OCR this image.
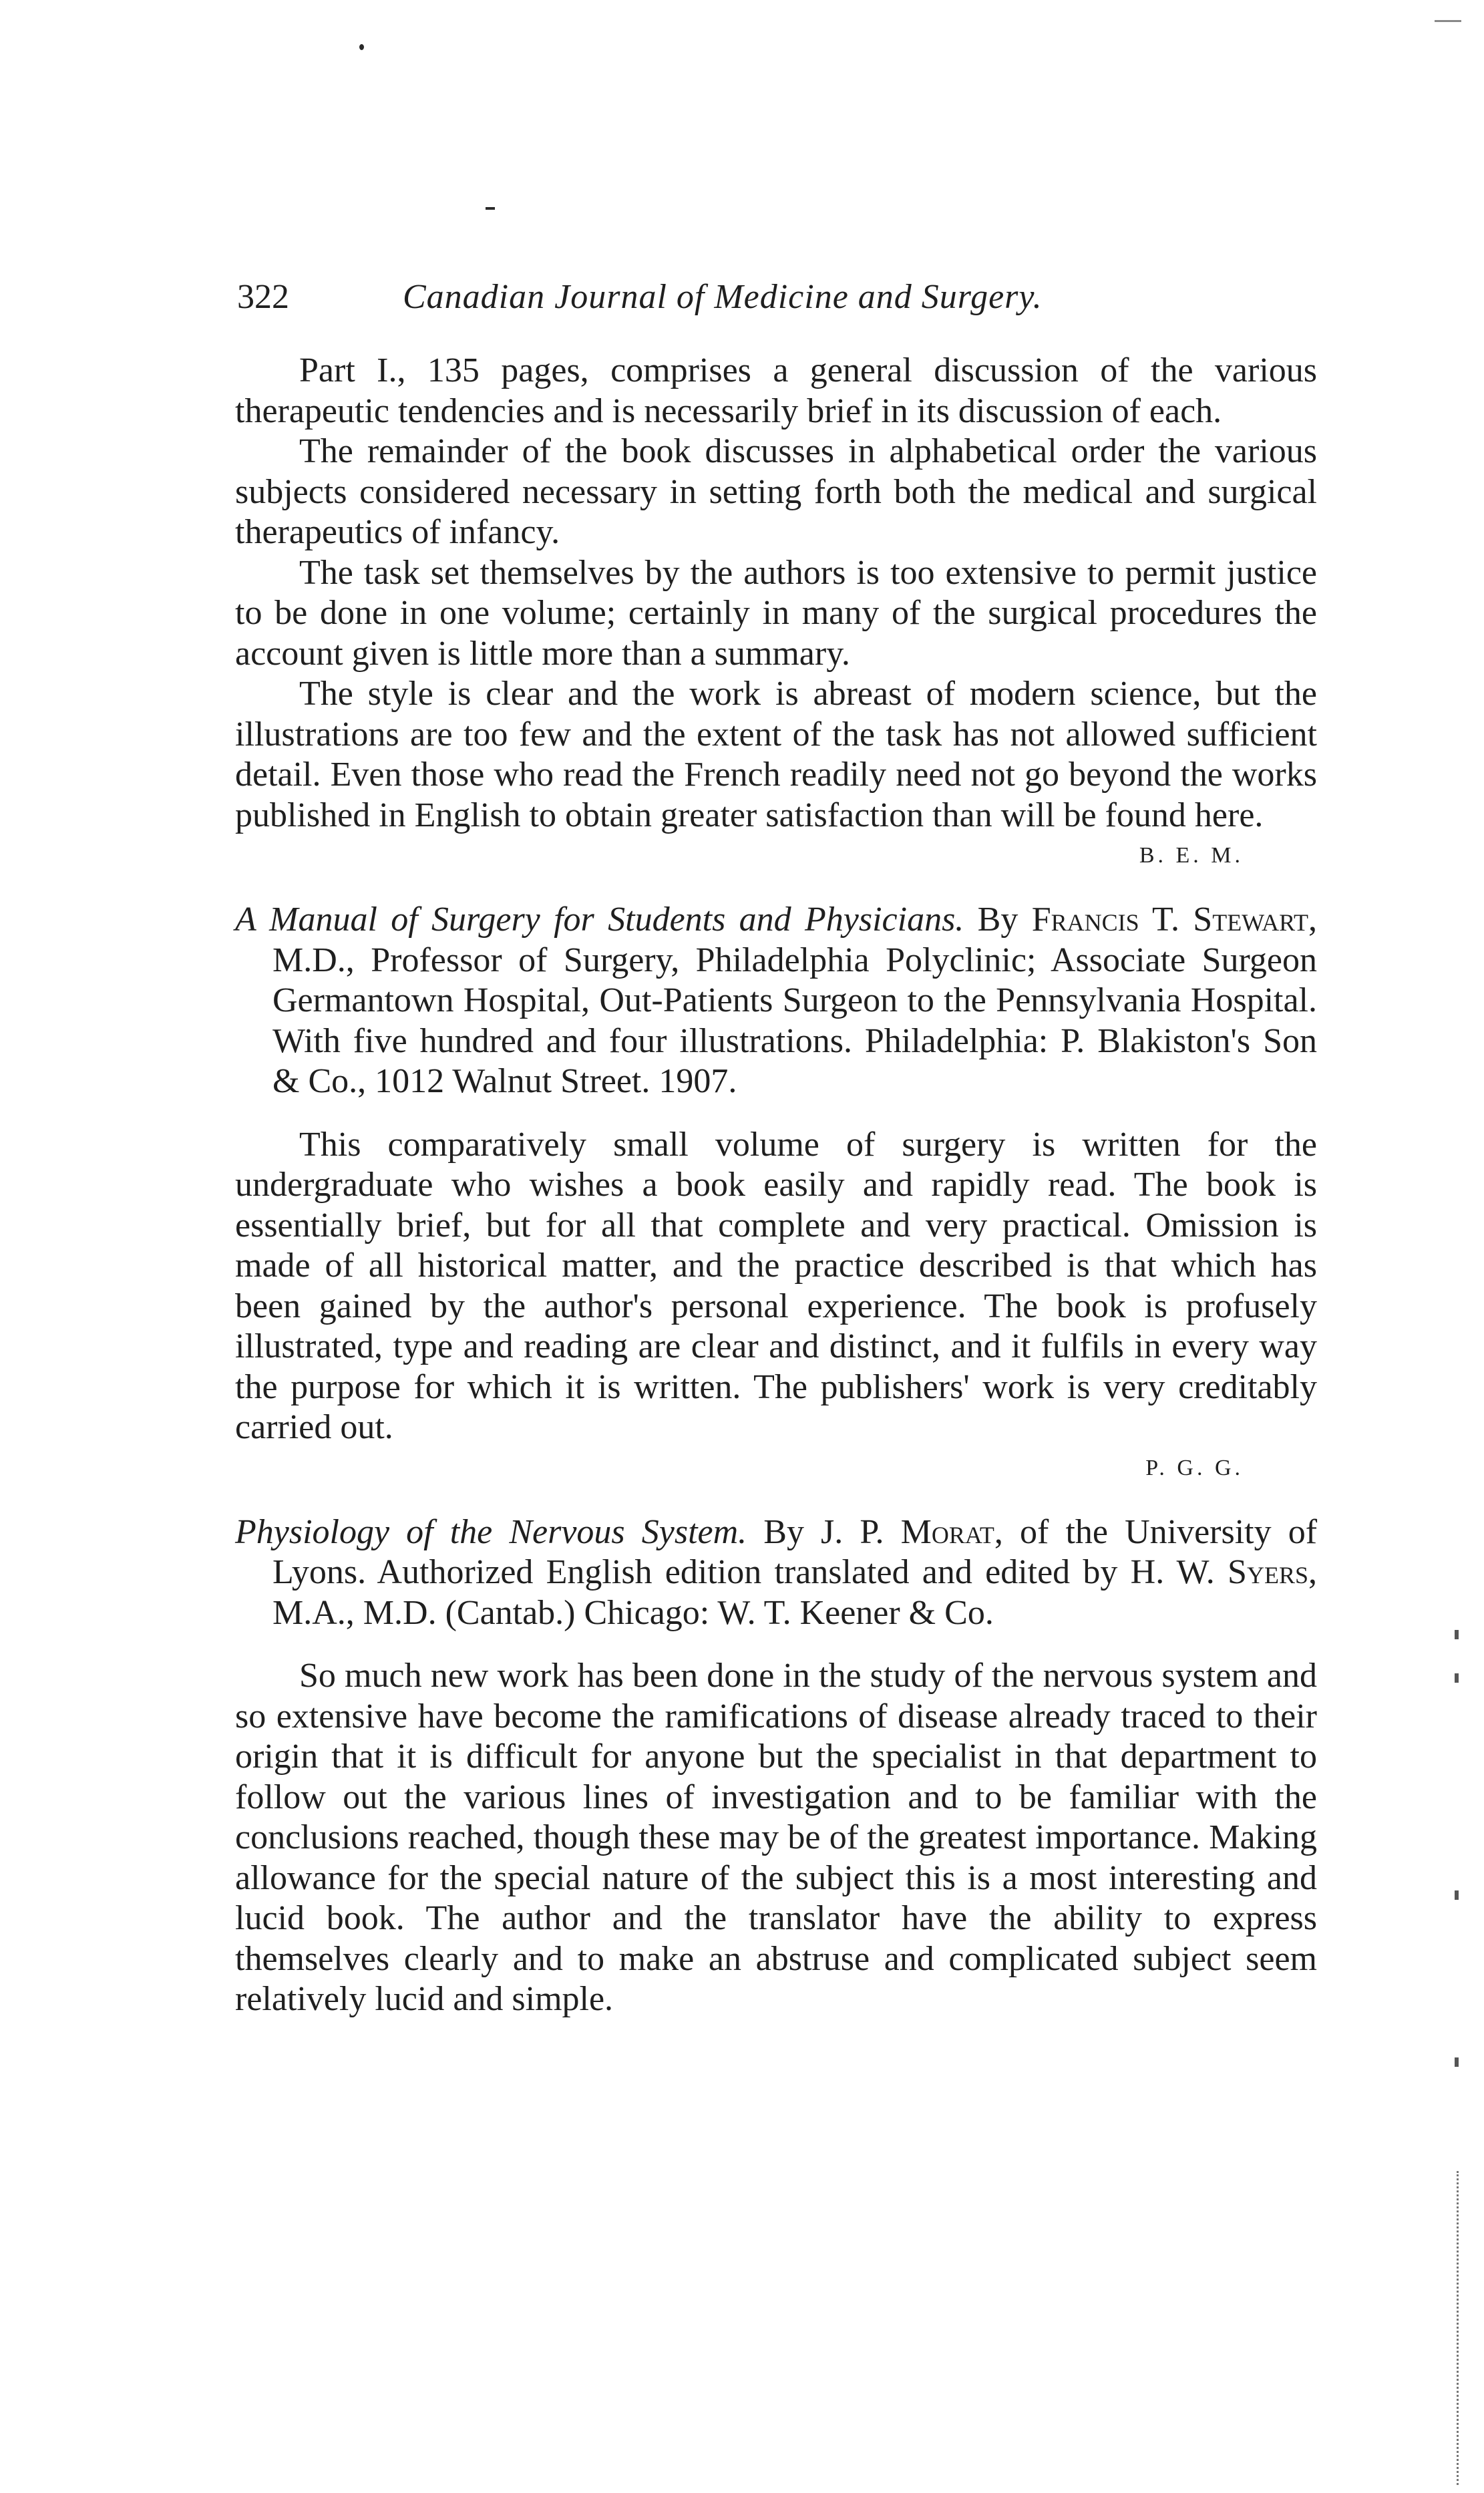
322	Canadian Journal of Medicine and Surgery.

Part I., 135 pages, comprises a general discussion of the various therapeutic tendencies and is necessarily brief in its discussion of each.

The remainder of the book discusses in alphabetical order the various subjects considered necessary in setting forth both the medical and surgical therapeutics of infancy.

The task set themselves by the authors is too extensive to permit justice to be done in one volume; certainly in many of the surgical procedures the account given is little more than a summary.

The style is clear and the work is abreast of modern science, but the illustrations are too few and the extent of the task has not allowed sufficient detail. Even those who read the French readily need not go beyond the works published in English to obtain greater satisfaction than will be found here.

B. E. M.

A Manual of Surgery for Students and Physicians. By Francis T. Stewart, M.D., Professor of Surgery, Philadelphia Polyclinic; Associate Surgeon Germantown Hospital, Out-Patients Surgeon to the Pennsylvania Hospital. With five hundred and four illustrations. Philadelphia: P. Blakiston's Son & Co., 1012 Walnut Street. 1907.

This comparatively small volume of surgery is written for the undergraduate who wishes a book easily and rapidly read. The book is essentially brief, but for all that complete and very practical. Omission is made of all historical matter, and the practice described is that which has been gained by the author's personal experience. The book is profusely illustrated, type and reading are clear and distinct, and it fulfils in every way the purpose for which it is written. The publishers' work is very creditably carried out.

P. G. G.

Physiology of the Nervous System. By J. P. Morat, of the University of Lyons. Authorized English edition translated and edited by H. W. Syers, M.A., M.D. (Cantab.) Chicago: W. T. Keener & Co.

So much new work has been done in the study of the nervous system and so extensive have become the ramifications of disease already traced to their origin that it is difficult for anyone but the specialist in that department to follow out the various lines of investigation and to be familiar with the conclusions reached, though these may be of the greatest importance. Making allowance for the special nature of the subject this is a most interesting and lucid book. The author and the translator have the ability to express themselves clearly and to make an abstruse and complicated subject seem relatively lucid and simple.
